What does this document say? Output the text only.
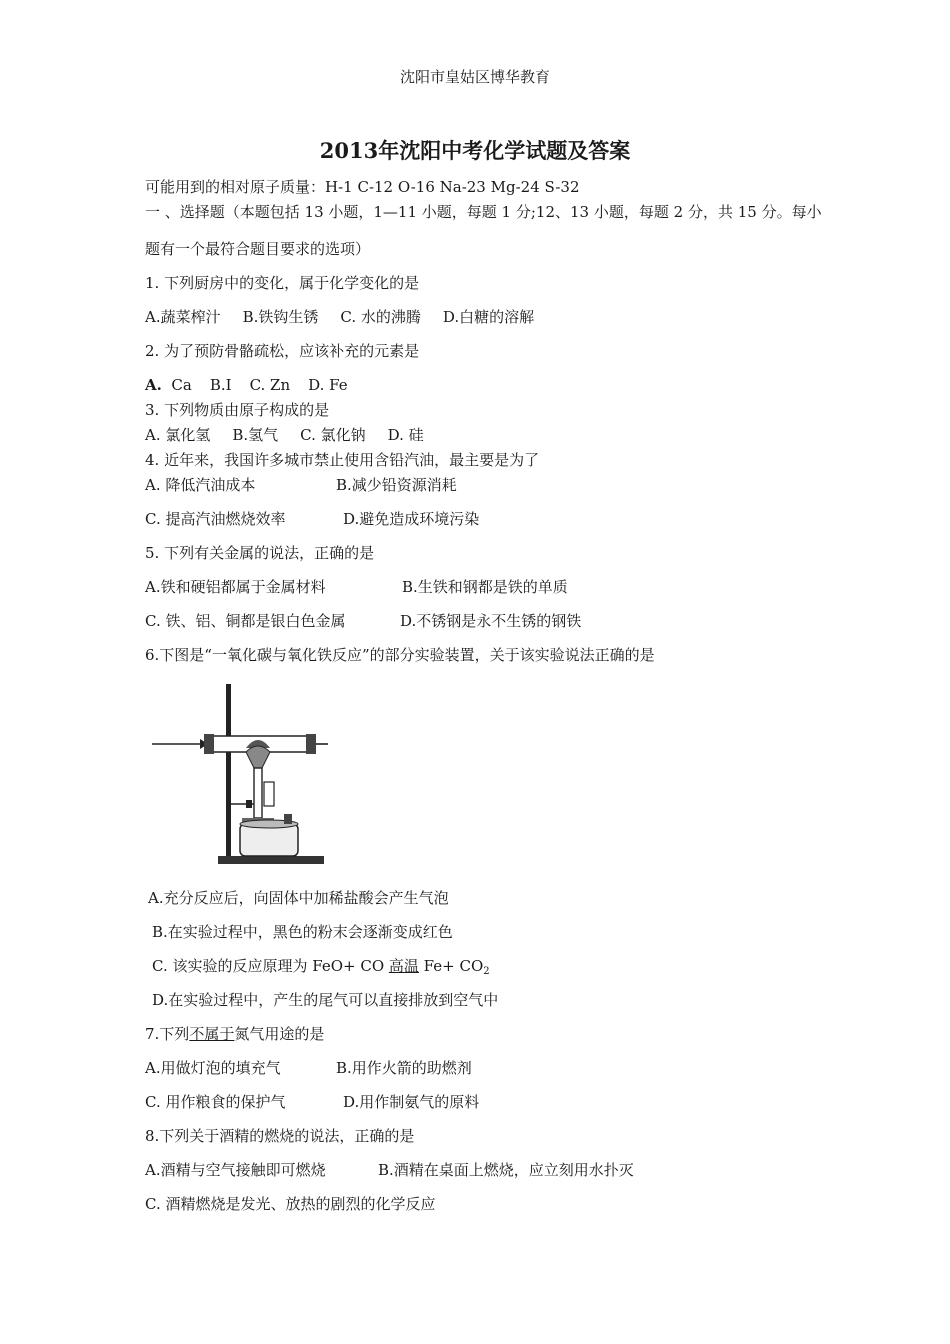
沈阳市皇姑区博华教育
2013年沈阳中考化学试题及答案
可能用到的相对原子质量：H-1 C-12 O-16 Na-23 Mg-24 S-32
一 、选择题（本题包括 13 小题，1—11 小题，每题 1 分;12、13 小题，每题 2 分，共 15 分。每小
题有一个最符合题目要求的选项）
1. 下列厨房中的变化，属于化学变化的是
A.蔬菜榨汁 B.铁钩生锈 C. 水的沸腾 D.白糖的溶解
2. 为了预防骨骼疏松，应该补充的元素是
A. Ca B.I C. Zn D. Fe
3. 下列物质由原子构成的是
A. 氯化氢 B.氢气 C. 氯化钠 D. 硅
4. 近年来，我国许多城市禁止使用含铅汽油，最主要是为了
A. 降低汽油成本	B.减少铅资源消耗
C. 提高汽油燃烧效率	D.避免造成环境污染
5. 下列有关金属的说法，正确的是
A.铁和硬铝都属于金属材料	B.生铁和钢都是铁的单质
C. 铁、铝、铜都是银白色金属	D.不锈钢是永不生锈的钢铁
6.下图是“一氧化碳与氧化铁反应”的部分实验装置，关于该实验说法正确的是
A.充分反应后，向固体中加稀盐酸会产生气泡
B.在实验过程中，黑色的粉末会逐渐变成红色
C. 该实验的反应原理为 FeO+ CO 高温 $Fe+ CO_2$
D.在实验过程中，产生的尾气可以直接排放到空气中
7.下列不属于氮气用途的是
A.用做灯泡的填充气	B.用作火箭的助燃剂
C. 用作粮食的保护气	D.用作制氨气的原料
8.下列关于酒精的燃烧的说法，正确的是
A.酒精与空气接触即可燃烧	B.酒精在桌面上燃烧，应立刻用水扑灭
C. 酒精燃烧是发光、放热的剧烈的化学反应
